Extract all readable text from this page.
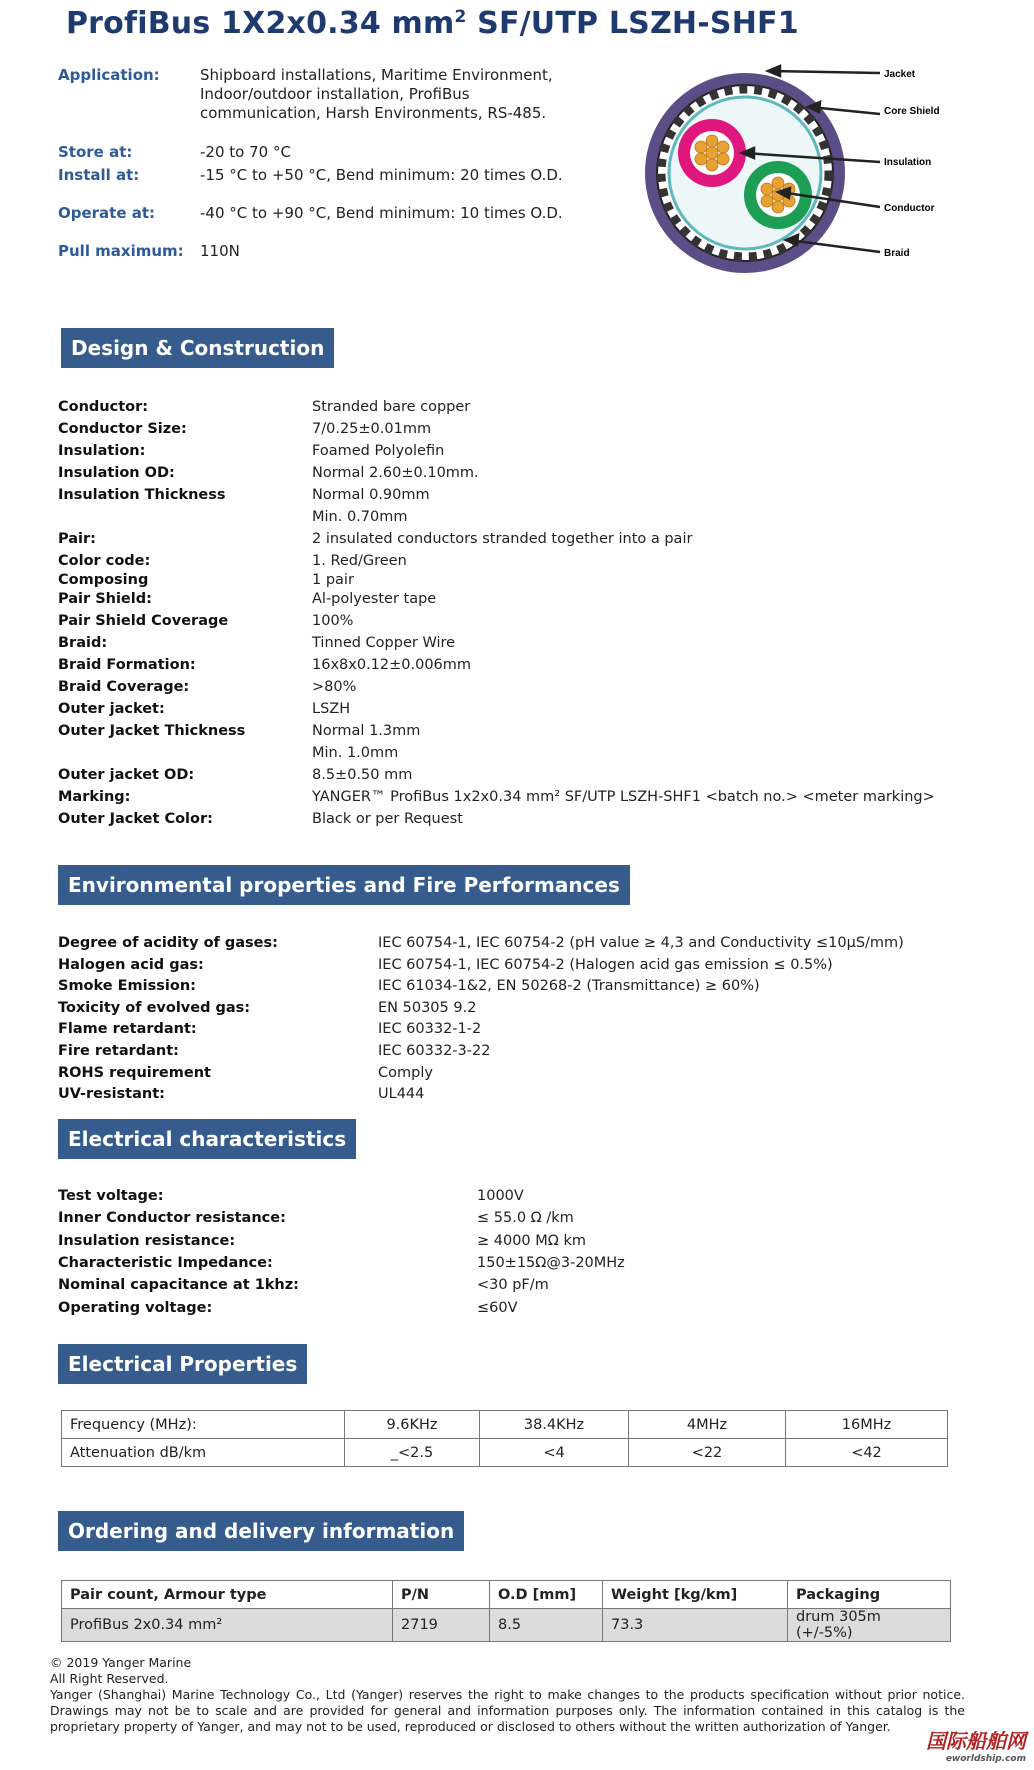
ProfiBus 1X2x0.34 $mm^2$ SF/UTP LSZH-SHF1
Application:	Shipboard installations, Maritime Environment, Indoor/outdoor installation, ProfiBus communication, Harsh Environments, RS-485.
Store at:	-20 to 70 °C
Install at:	-15 °C to +50 °C, Bend minimum: 20 times O.D.
Operate at:	-40 °C to +90 °C, Bend minimum: 10 times O.D.
Pull maximum: 110N
Jacket
Core Shield
Insulation
Conductor
Braid
Design & Construction
Conductor:	Stranded bare copper
Conductor Size:	7/0.25±0.01mm
Insulation:	Foamed Polyolefin
Insulation OD:	Normal 2.60±0.10mm.
Insulation Thickness	Normal 0.90mm
Min. 0.70mm
Pair:	2 insulated conductors stranded together into a pair
Color code:	1. Red/Green
Composing	1 pair
Pair Shield:	Al-polyester tape
Pair Shield Coverage	100%
Braid:	Tinned Copper Wire
Braid Formation:	16x8x0.12±0.006mm
Braid Coverage:	>80%
Outer jacket:	LSZH
Outer Jacket Thickness	Normal 1.3mm
Min. 1.0mm
Outer jacket OD:	8.5±0.50 mm
Marking:	YANGER™ ProfiBus 1x2x0.34 mm² SF/UTP LSZH-SHF1 <batch no.> <meter marking>
Outer Jacket Color:	Black or per Request
Environmental properties and Fire Performances
Degree of acidity of gases:	IEC 60754-1, IEC 60754-2 (pH value ≥ 4,3 and Conductivity ≤10µS/mm)
Halogen acid gas:	IEC 60754-1, IEC 60754-2 (Halogen acid gas emission ≤ 0.5%)
Smoke Emission:	IEC 61034-1&2, EN 50268-2 (Transmittance) ≥ 60%)
Toxicity of evolved gas:	EN 50305 9.2
Flame retardant:	IEC 60332-1-2
Fire retardant:	IEC 60332-3-22
ROHS requirement	Comply
UV-resistant:	UL444
Electrical characteristics
Test voltage:	1000V
Inner Conductor resistance:	≤ 55.0 Ω /km
Insulation resistance:	≥ 4000 MΩ km
Characteristic Impedance:	150±15Ω@3-20MHz
Nominal capacitance at 1khz:	<30 pF/m
Operating voltage:	≤60V
Electrical Properties
Frequency (MHz):	9.6KHz	38.4KHz	4MHz	16MHz
Attenuation dB/km	_<2.5	<4	<22	<42
Ordering and delivery information
Pair count, Armour type	P/N	O.D [mm]	Weight [kg/km]	Packaging
ProfiBus 2x0.34 mm²	2719	8.5	73.3	drum 305m (+/-5%)
© 2019 Yanger Marine
All Right Reserved.
Yanger (Shanghai) Marine Technology Co., Ltd (Yanger) reserves the right to make changes to the products specification without prior notice. Drawings may not be to scale and are provided for general and information purposes only. The information contained in this catalog is the proprietary property of Yanger, and may not to be used, reproduced or disclosed to others without the written authorization of Yanger.
国际船舶网
eworldship.com
